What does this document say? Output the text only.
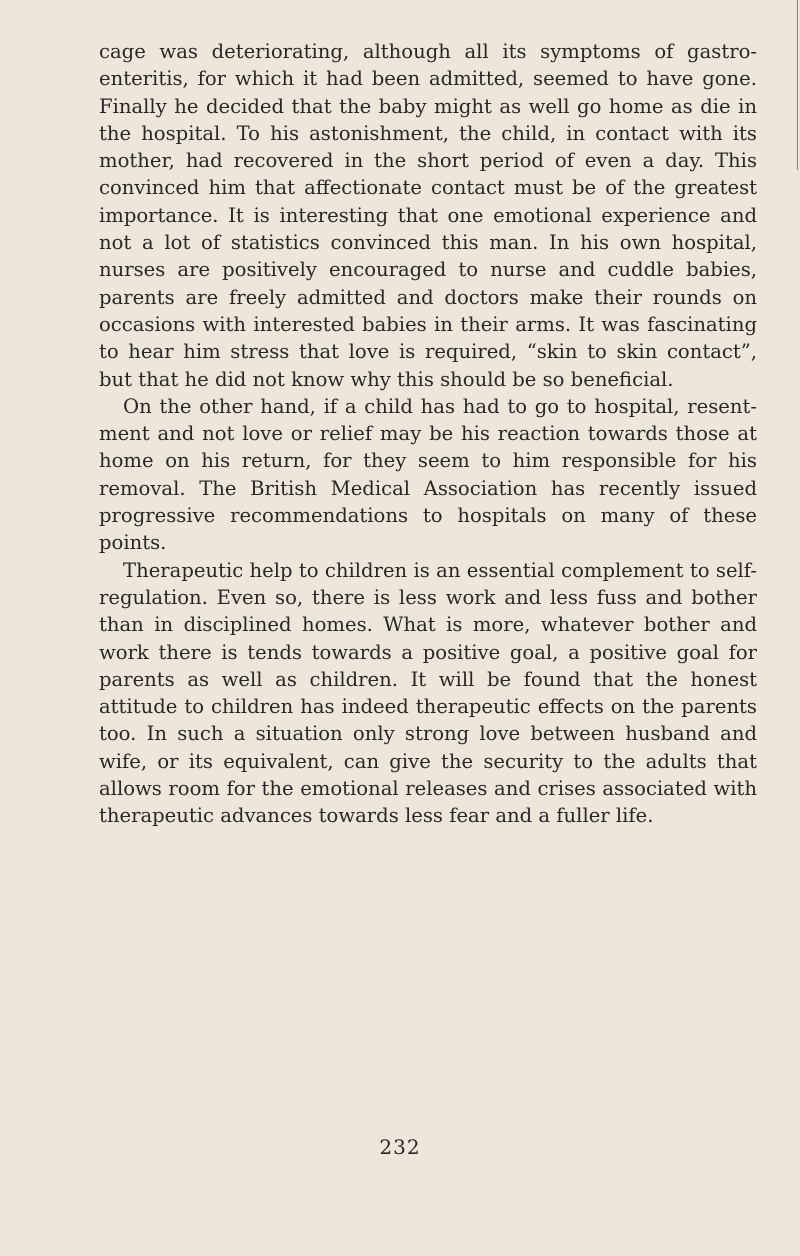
cage was deteriorating, although all its symptoms of gastro-enteritis, for which it had been admitted, seemed to have gone. Finally he decided that the baby might as well go home as die in the hospital. To his astonishment, the child, in contact with its mother, had recovered in the short period of even a day. This convinced him that affectionate contact must be of the greatest importance. It is interesting that one emotional experience and not a lot of statistics convinced this man. In his own hospital, nurses are positively encouraged to nurse and cuddle babies, parents are freely admitted and doctors make their rounds on occasions with interested babies in their arms. It was fascinating to hear him stress that love is required, “skin to skin contact”, but that he did not know why this should be so beneficial.

On the other hand, if a child has had to go to hospital, resent-ment and not love or relief may be his reaction towards those at home on his return, for they seem to him responsible for his removal. The British Medical Association has recently issued progressive recommendations to hospitals on many of these points.

Therapeutic help to children is an essential complement to self-regulation. Even so, there is less work and less fuss and bother than in disciplined homes. What is more, whatever bother and work there is tends towards a positive goal, a positive goal for parents as well as children. It will be found that the honest attitude to children has indeed therapeutic effects on the parents too. In such a situation only strong love between husband and wife, or its equivalent, can give the security to the adults that allows room for the emotional releases and crises associated with therapeutic advances towards less fear and a fuller life.

232
